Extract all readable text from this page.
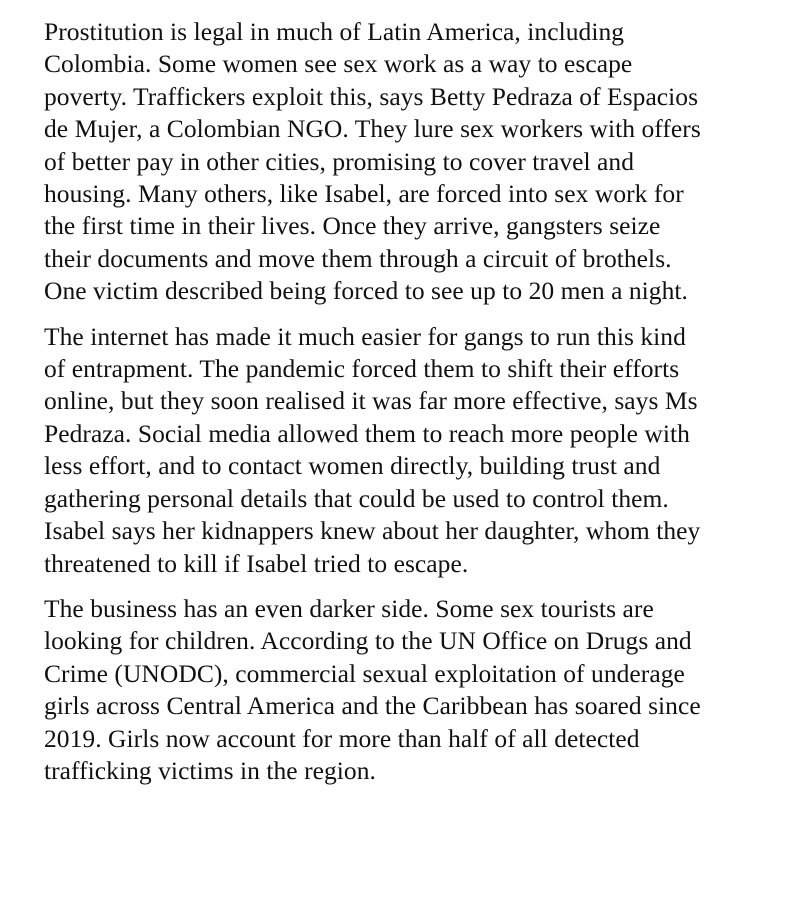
Prostitution is legal in much of Latin America, including
Colombia. Some women see sex work as a way to escape
poverty. Traffickers exploit this, says Betty Pedraza of Espacios
de Mujer, a Colombian NGO. They lure sex workers with offers
of better pay in other cities, promising to cover travel and
housing. Many others, like Isabel, are forced into sex work for
the first time in their lives. Once they arrive, gangsters seize
their documents and move them through a circuit of brothels.
One victim described being forced to see up to 20 men a night.

The internet has made it much easier for gangs to run this kind
of entrapment. The pandemic forced them to shift their efforts
online, but they soon realised it was far more effective, says Ms
Pedraza. Social media allowed them to reach more people with
less effort, and to contact women directly, building trust and
gathering personal details that could be used to control them.
Isabel says her kidnappers knew about her daughter, whom they
threatened to kill if Isabel tried to escape.

The business has an even darker side. Some sex tourists are
looking for children. According to the UN Office on Drugs and
Crime (UNODC), commercial sexual exploitation of underage
girls across Central America and the Caribbean has soared since
2019. Girls now account for more than half of all detected
trafficking victims in the region.
